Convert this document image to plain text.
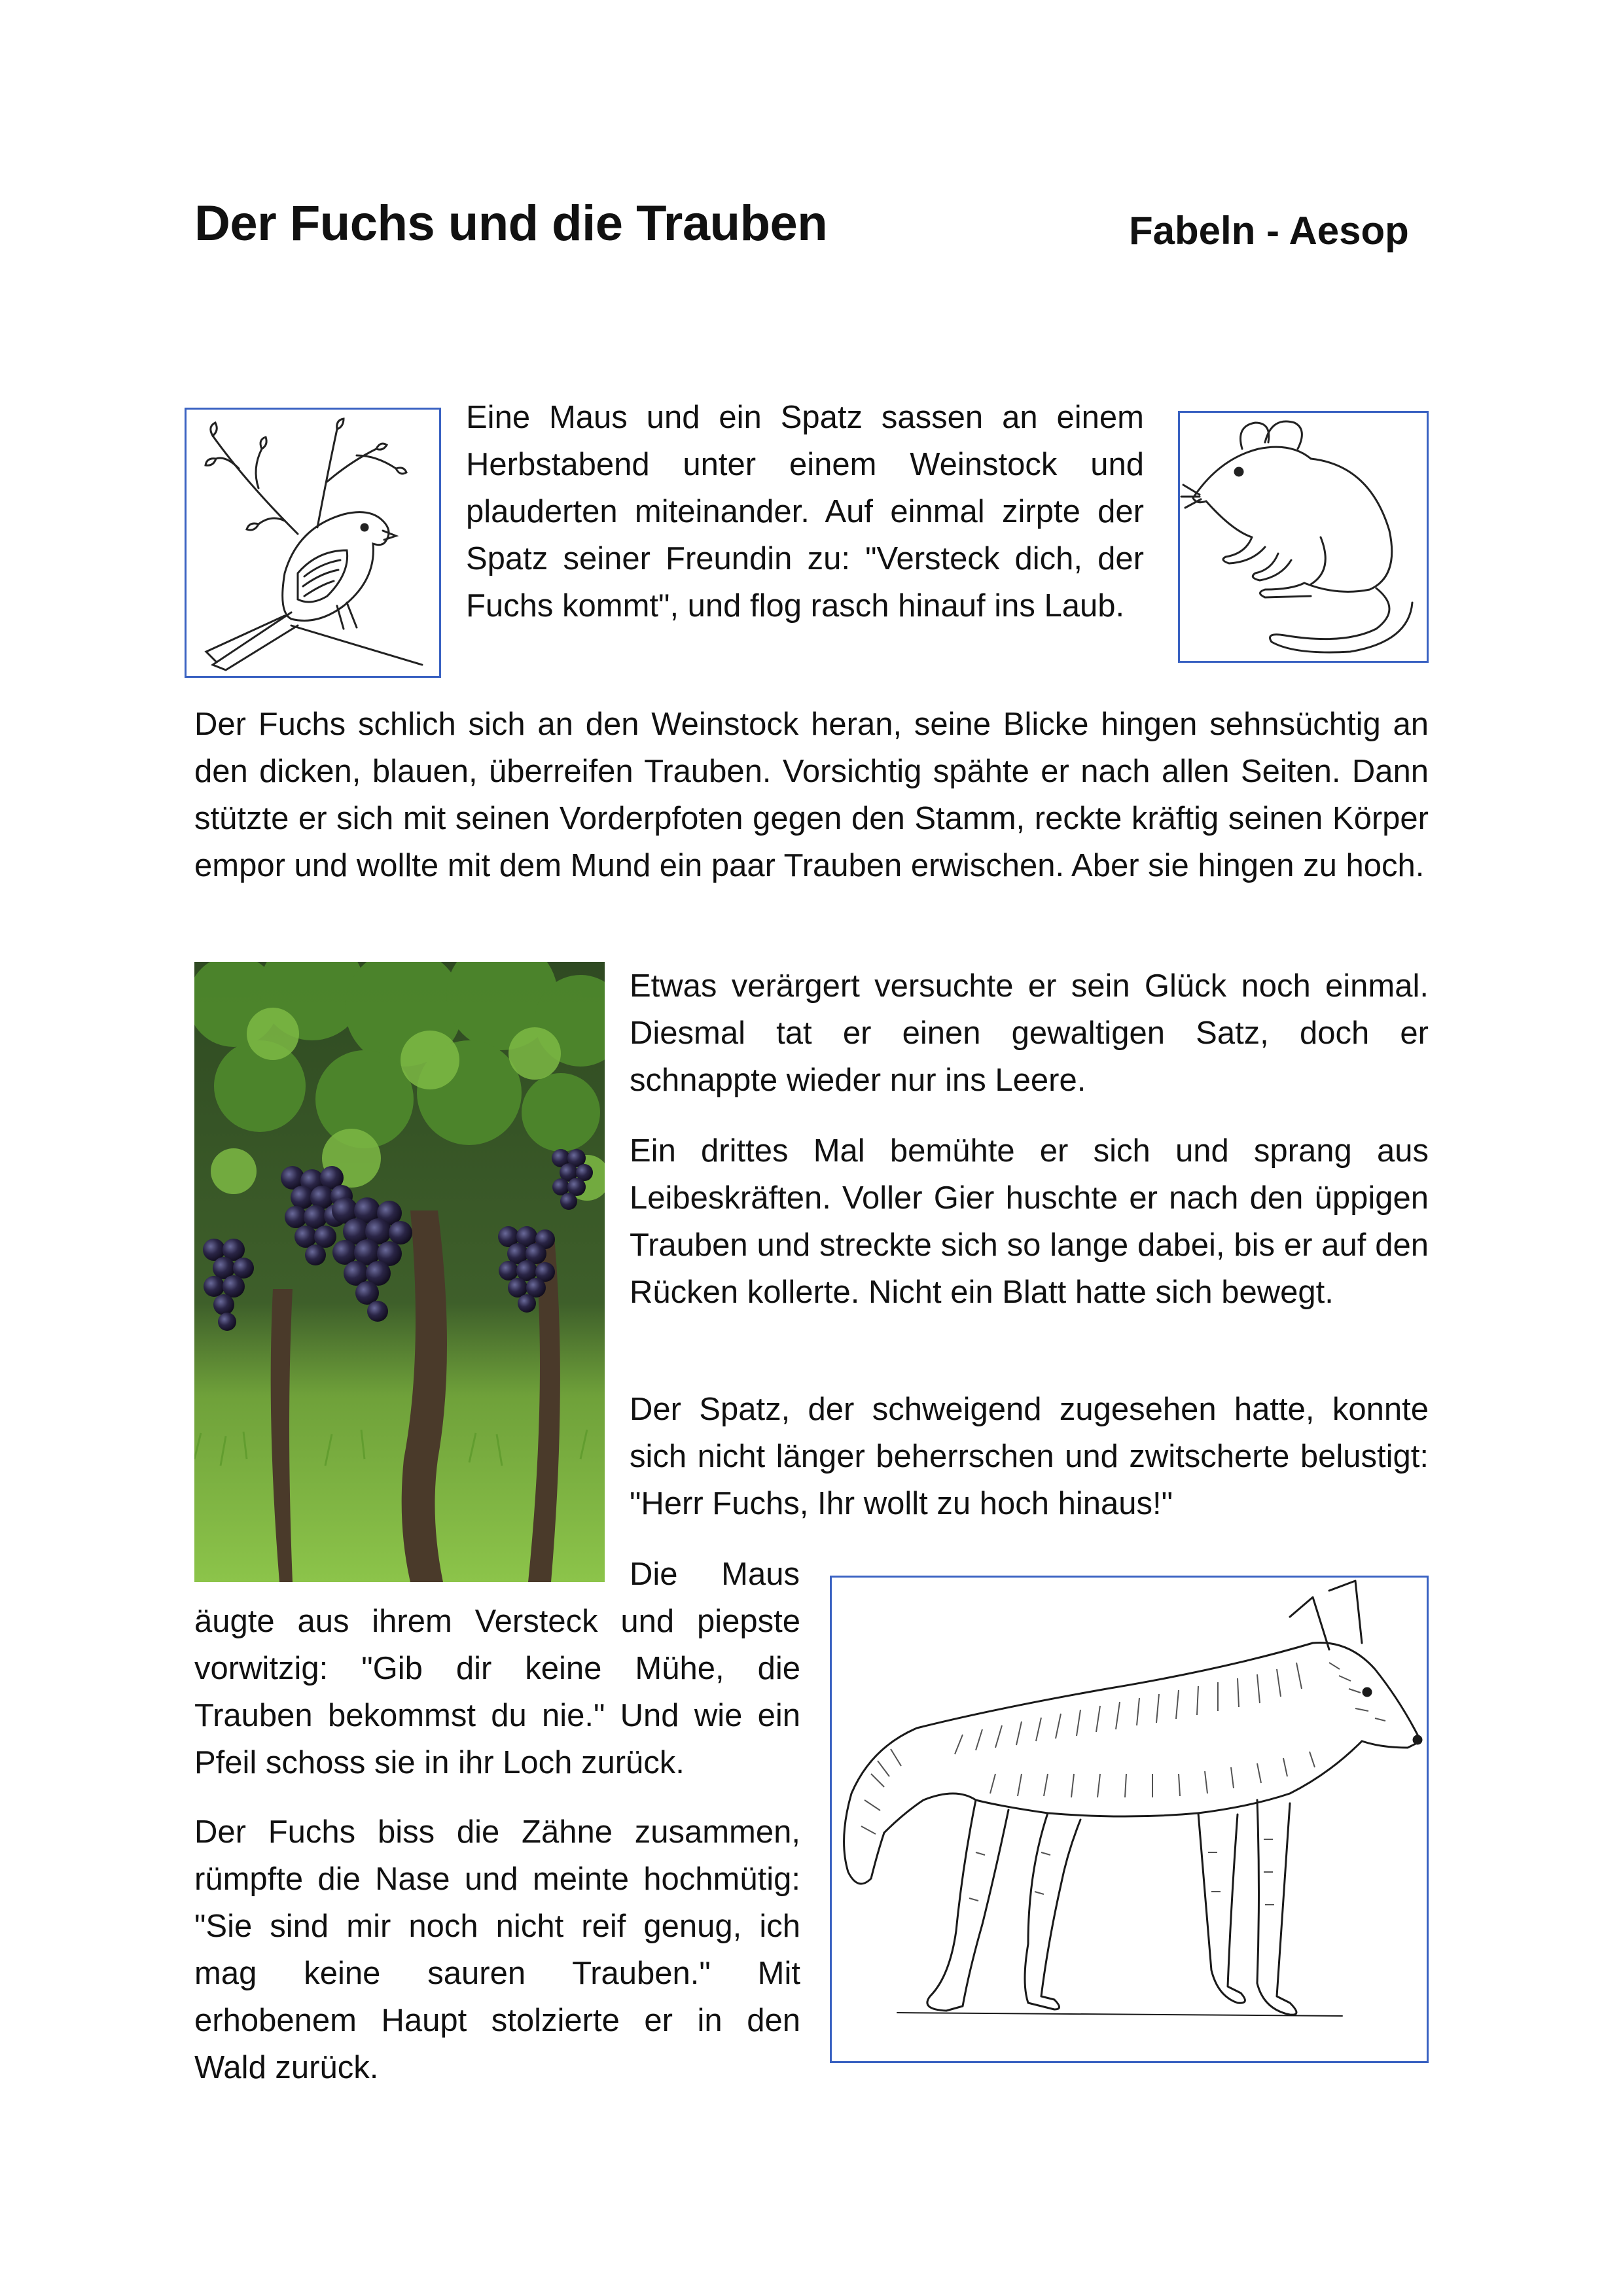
Der Fuchs und die Trauben	Fabeln - Aesop

Eine Maus und ein Spatz sassen an einem Herbstabend unter einem Weinstock und plauderten miteinander. Auf einmal zirpte der Spatz seiner Freundin zu: "Versteck dich, der Fuchs kommt", und flog rasch hinauf ins Laub.

Der Fuchs schlich sich an den Weinstock heran, seine Blicke hingen sehnsüchtig an den dicken, blauen, überreifen Trauben. Vorsichtig spähte er nach allen Seiten. Dann stützte er sich mit seinen Vorderpfoten gegen den Stamm, reckte kräftig seinen Körper empor und wollte mit dem Mund ein paar Trauben erwischen. Aber sie hingen zu hoch.

Etwas verärgert versuchte er sein Glück noch einmal. Diesmal tat er einen gewaltigen Satz, doch er schnappte wieder nur ins Leere.

Ein drittes Mal bemühte er sich und sprang aus Leibeskräften. Voller Gier huschte er nach den üppigen Trauben und streckte sich so lange dabei, bis er auf den Rücken kollerte. Nicht ein Blatt hatte sich bewegt.

Der Spatz, der schweigend zugesehen hatte, konnte sich nicht länger beherrschen und zwitscherte belustigt: "Herr Fuchs, Ihr wollt zu hoch hinaus!"

Die Maus

äugte aus ihrem Versteck und piepste vorwitzig: "Gib dir keine Mühe, die Trauben bekommst du nie." Und wie ein Pfeil schoss sie in ihr Loch zurück.

Der Fuchs biss die Zähne zusammen, rümpfte die Nase und meinte hochmütig: "Sie sind mir noch nicht reif genug, ich mag keine sauren Trauben." Mit erhobenem Haupt stolzierte er in den Wald zurück.
